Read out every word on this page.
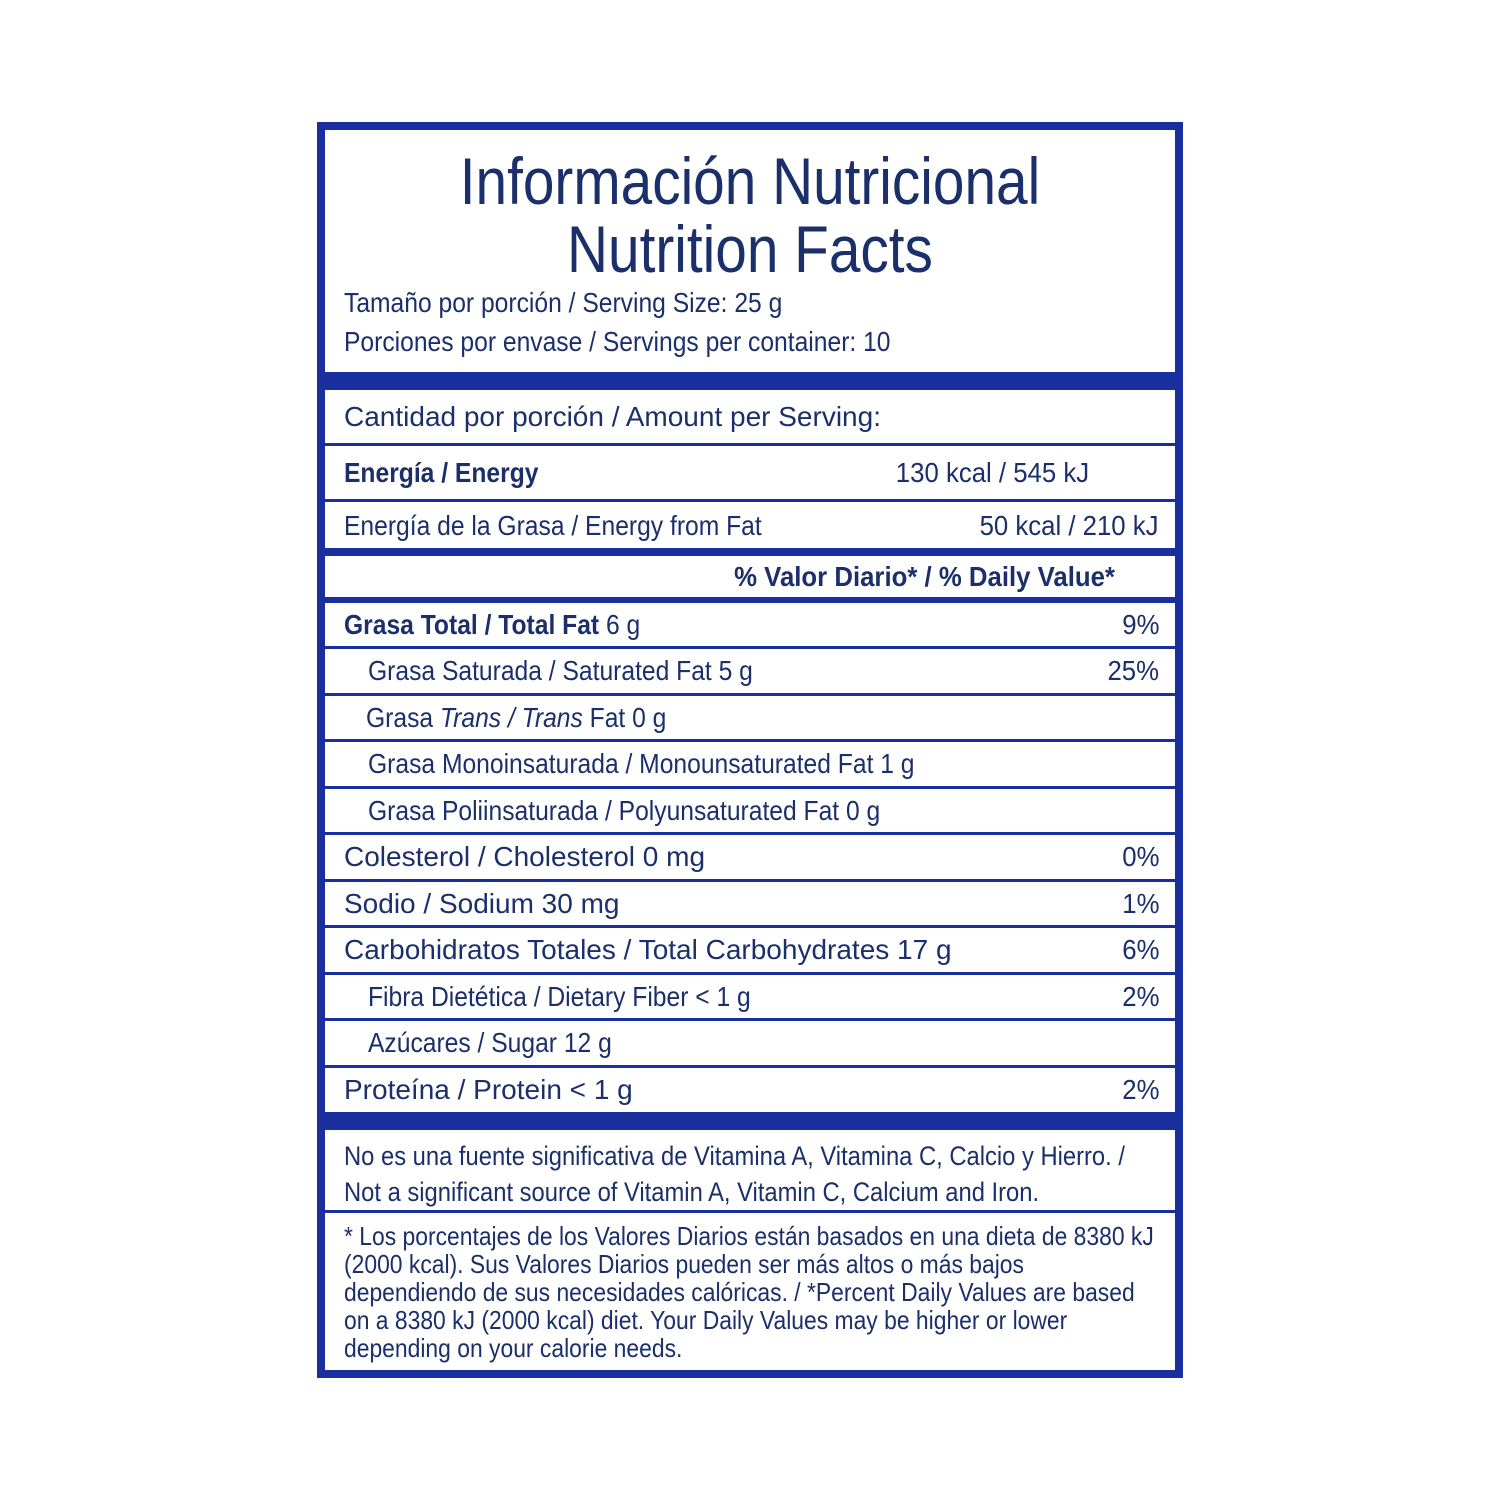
Información Nutricional
Nutrition Facts
Tamaño por porción / Serving Size: 25 g
Porciones por envase / Servings per container: 10
Cantidad por porción / Amount per Serving:
Energía / Energy	130 kcal / 545 kJ
Energía de la Grasa / Energy from Fat	50 kcal / 210 kJ
% Valor Diario* / % Daily Value*
Grasa Total / Total Fat 6 g	9%
Grasa Saturada / Saturated Fat 5 g	25%
Grasa Trans / Trans Fat 0 g
Grasa Monoinsaturada / Monounsaturated Fat 1 g
Grasa Poliinsaturada / Polyunsaturated Fat 0 g
Colesterol / Cholesterol 0 mg	0%
Sodio / Sodium 30 mg	1%
Carbohidratos Totales / Total Carbohydrates 17 g	6%
Fibra Dietética / Dietary Fiber < 1 g	2%
Azúcares / Sugar 12 g
Proteína / Protein < 1 g	2%
No es una fuente significativa de Vitamina A, Vitamina C, Calcio y Hierro. /
Not a significant source of Vitamin A, Vitamin C, Calcium and Iron.
* Los porcentajes de los Valores Diarios están basados en una dieta de 8380 kJ (2000 kcal). Sus Valores Diarios pueden ser más altos o más bajos dependiendo de sus necesidades calóricas. / *Percent Daily Values are based on a 8380 kJ (2000 kcal) diet. Your Daily Values may be higher or lower depending on your calorie needs.
